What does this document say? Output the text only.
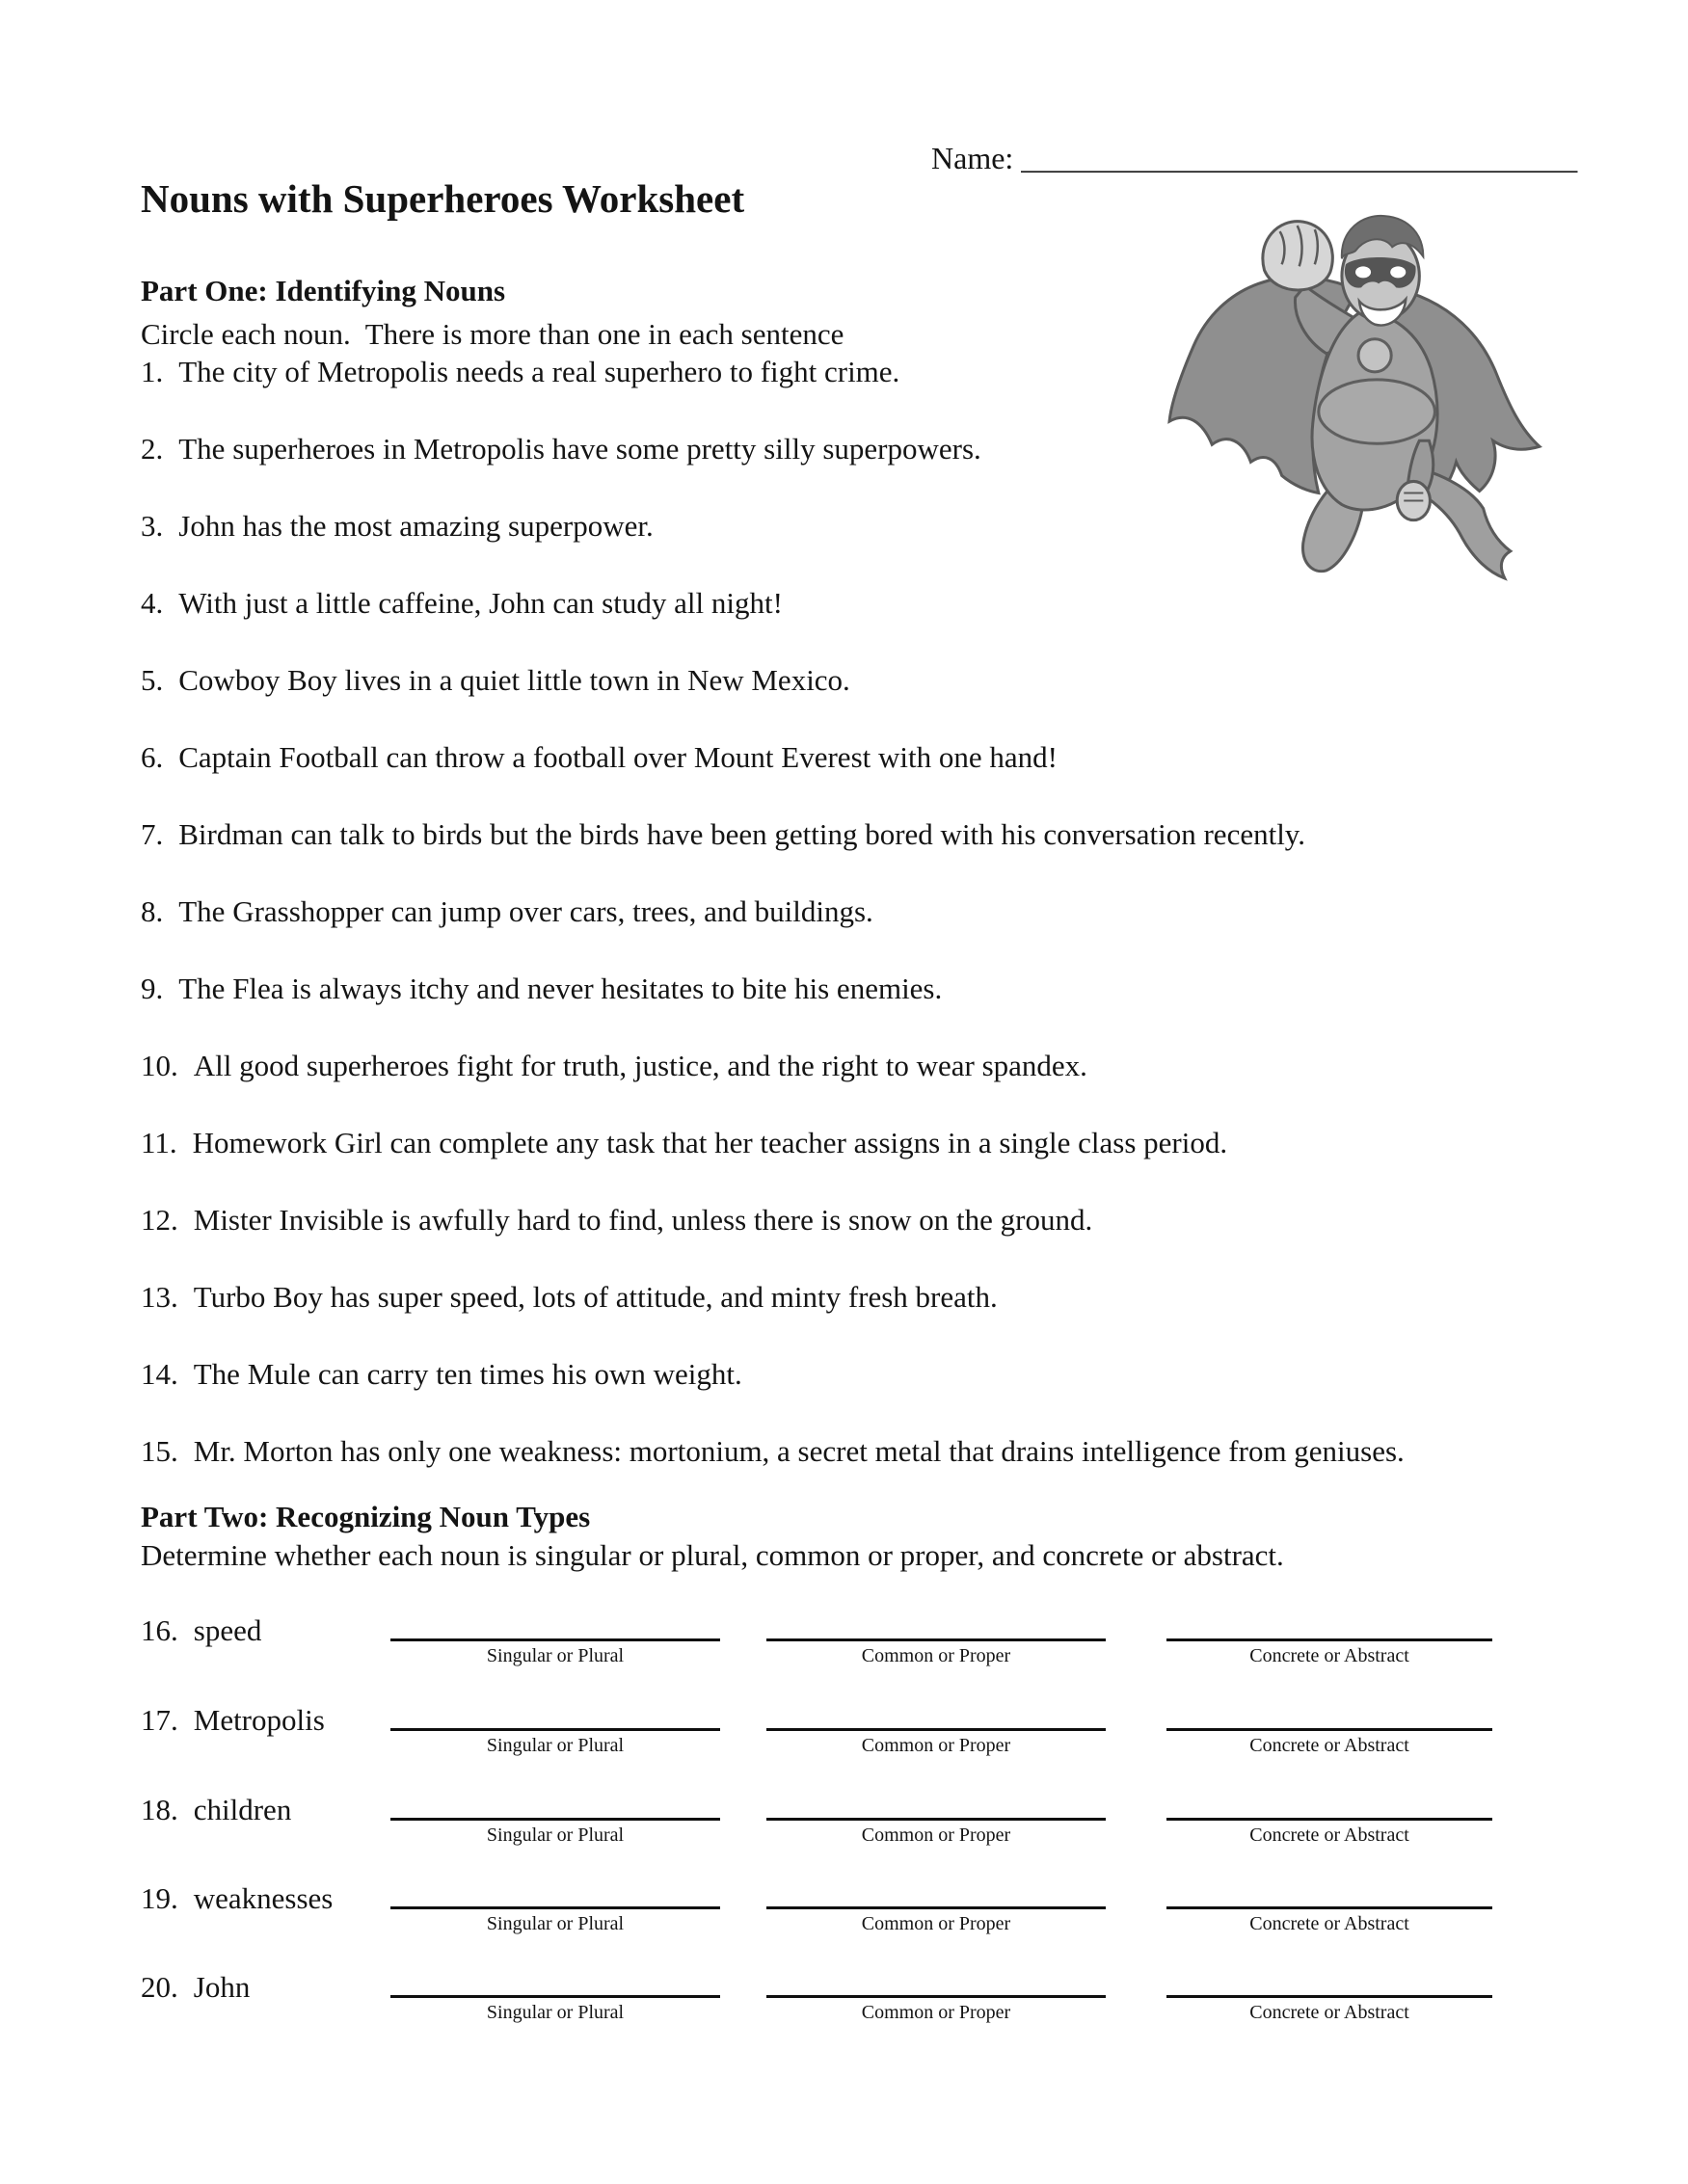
Name: ___________________________________
Nouns with Superheroes Worksheet
Part One: Identifying Nouns
Circle each noun.  There is more than one in each sentence
1. The city of Metropolis needs a real superhero to fight crime.
2. The superheroes in Metropolis have some pretty silly superpowers.
3. John has the most amazing superpower.
4. With just a little caffeine, John can study all night!
5. Cowboy Boy lives in a quiet little town in New Mexico.
6. Captain Football can throw a football over Mount Everest with one hand!
7. Birdman can talk to birds but the birds have been getting bored with his conversation recently.
8. The Grasshopper can jump over cars, trees, and buildings.
9. The Flea is always itchy and never hesitates to bite his enemies.
10. All good superheroes fight for truth, justice, and the right to wear spandex.
11. Homework Girl can complete any task that her teacher assigns in a single class period.
12. Mister Invisible is awfully hard to find, unless there is snow on the ground.
13. Turbo Boy has super speed, lots of attitude, and minty fresh breath.
14. The Mule can carry ten times his own weight.
15. Mr. Morton has only one weakness: mortonium, a secret metal that drains intelligence from geniuses.
Part Two: Recognizing Noun Types
Determine whether each noun is singular or plural, common or proper, and concrete or abstract.
16. speed
Singular or Plural	Common or Proper	Concrete or Abstract
17. Metropolis
Singular or Plural	Common or Proper	Concrete or Abstract
18. children
Singular or Plural	Common or Proper	Concrete or Abstract
19. weaknesses
Singular or Plural	Common or Proper	Concrete or Abstract
20. John
Singular or Plural	Common or Proper	Concrete or Abstract
